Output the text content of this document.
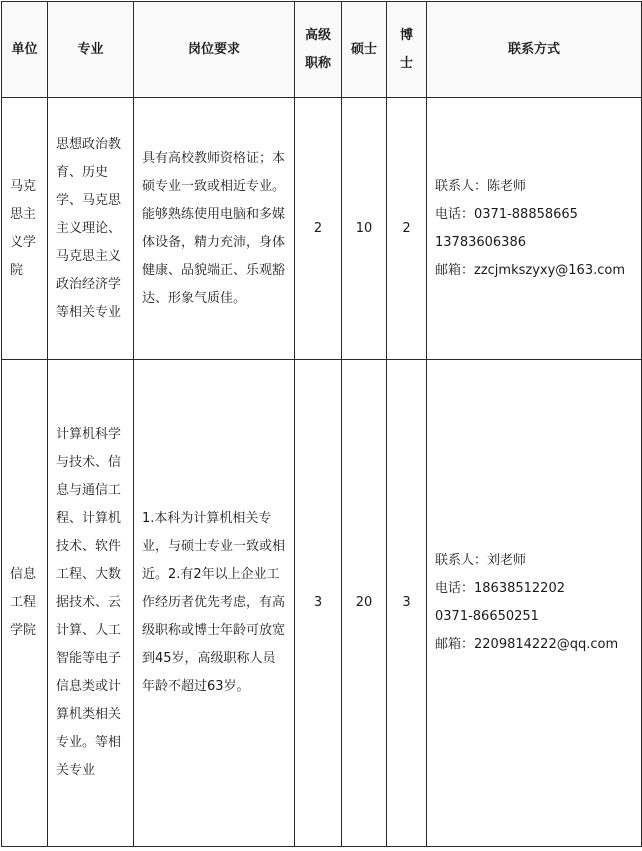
单位	专业	岗位要求	高级职称	硕士	博士	联系方式
马克思主义学院	思想政治教育、历史学、马克思主义理论、马克思主义政治经济学等相关专业	具有高校教师资格证；本硕专业一致或相近专业。能够熟练使用电脑和多媒体设备，精力充沛，身体健康、品貌端正、乐观豁达、形象气质佳。	2	10	2	联系人：陈老师
电话：0371-88858665
13783606386
邮箱：zzcjmkszyxy@163.com

信息工程学院	计算机科学与技术、信息与通信工程、计算机技术、软件工程、大数据技术、云计算、人工智能等电子信息类或计算机类相关专业。等相关专业	1.本科为计算机相关专业，与硕士专业一致或相近。2.有2年以上企业工作经历者优先考虑，有高级职称或博士年龄可放宽到45岁，高级职称人员年龄不超过63岁。	3	20	3	联系人：刘老师
电话：18638512202
0371-86650251
邮箱：2209814222@qq.com
